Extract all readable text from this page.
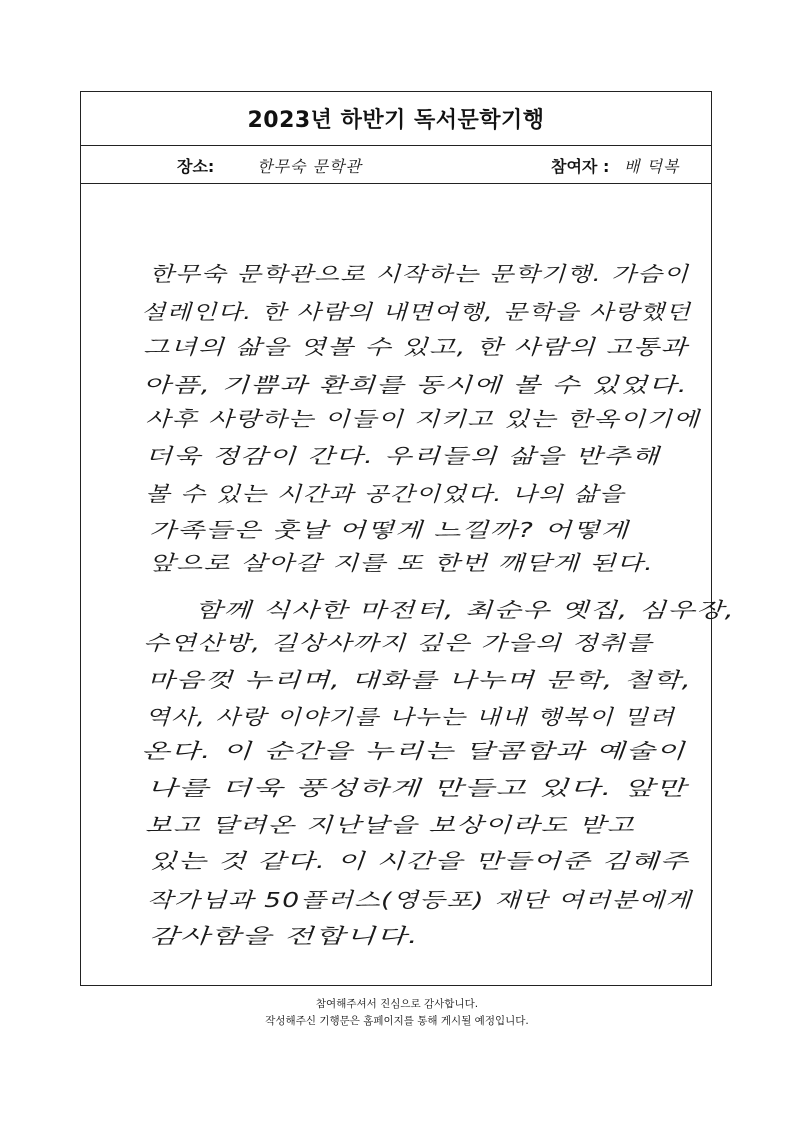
2023년 하반기 독서문학기행
장소:	한무숙 문학관	참여자 : 배 덕복
한무숙 문학관으로 시작하는 문학기행. 가슴이
설레인다. 한 사람의 내면여행, 문학을 사랑했던
그녀의 삶을 엿볼 수 있고, 한 사람의 고통과
아픔, 기쁨과 환희를 동시에 볼 수 있었다.
사후 사랑하는 이들이 지키고 있는 한옥이기에
더욱 정감이 간다. 우리들의 삶을 반추해
볼 수 있는 시간과 공간이었다. 나의 삶을
가족들은 훗날 어떻게 느낄까? 어떻게
앞으로 살아갈 지를 또 한번 깨닫게 된다.
함께 식사한 마전터, 최순우 옛집, 심우장,
수연산방, 길상사까지 깊은 가을의 정취를
마음껏 누리며, 대화를 나누며 문학, 철학,
역사, 사랑 이야기를 나누는 내내 행복이 밀려
온다. 이 순간을 누리는 달콤함과 예술이
나를 더욱 풍성하게 만들고 있다. 앞만
보고 달려온 지난날을 보상이라도 받고
있는 것 같다. 이 시간을 만들어준 김혜주
작가님과 50플러스(영등포) 재단 여러분에게
감사함을 전합니다.
참여해주셔서 진심으로 감사합니다.
작성해주신 기행문은 홈페이지를 통해 게시될 예정입니다.
